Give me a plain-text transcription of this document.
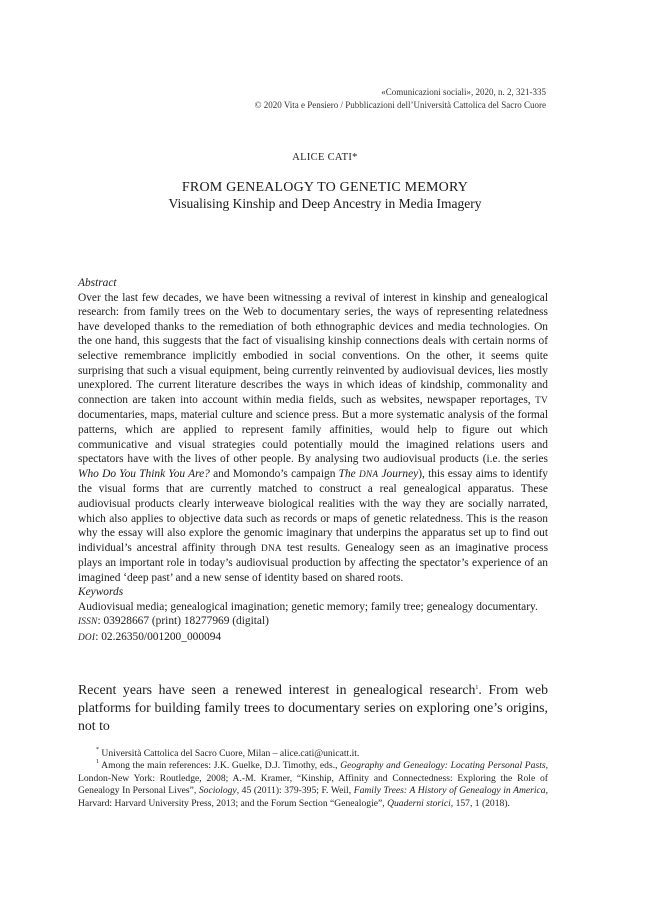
«Comunicazioni sociali», 2020, n. 2, 321-335
© 2020 Vita e Pensiero / Pubblicazioni dell’Università Cattolica del Sacro Cuore
ALICE CATI*
FROM GENEALOGY TO GENETIC MEMORY
Visualising Kinship and Deep Ancestry in Media Imagery
Abstract

Over the last few decades, we have been witnessing a revival of interest in kinship and genealogical research: from family trees on the Web to documentary series, the ways of representing relatedness have developed thanks to the remediation of both ethnographic devices and media technologies. On the one hand, this suggests that the fact of visualising kinship connections deals with certain norms of selective remembrance implicitly embodied in social conventions. On the other, it seems quite surprising that such a visual equipment, being currently reinvented by audiovisual devices, lies mostly unexplored. The current literature describes the ways in which ideas of kindship, commonality and connection are taken into account within media fields, such as websites, newspaper reportages, TV documentaries, maps, material culture and science press. But a more systematic analysis of the formal patterns, which are applied to represent family affinities, would help to figure out which communicative and visual strategies could potentially mould the imagined relations users and spectators have with the lives of other people. By analysing two audiovisual products (i.e. the series Who Do You Think You Are? and Momondo’s campaign The DNA Journey), this essay aims to identify the visual forms that are currently matched to construct a real genealogical apparatus. These audiovisual products clearly interweave biological realities with the way they are socially narrated, which also applies to objective data such as records or maps of genetic relatedness. This is the reason why the essay will also explore the genomic imaginary that underpins the apparatus set up to find out individual’s ancestral affinity through DNA test results. Genealogy seen as an imaginative process plays an important role in today’s audiovisual production by affecting the spectator’s experience of an imagined ‘deep past’ and a new sense of identity based on shared roots.

Keywords

Audiovisual media; genealogical imagination; genetic memory; family tree; genealogy documentary.

ISSN: 03928667 (print) 18277969 (digital)
DOI: 02.26350/001200_000094

Recent years have seen a renewed interest in genealogical research$^1$. From web platforms for building family trees to documentary series on exploring one’s origins, not to

* Università Cattolica del Sacro Cuore, Milan – alice.cati@unicatt.it.

$^1$ Among the main references: J.K. Guelke, D.J. Timothy, eds., Geography and Genealogy: Locating Personal Pasts, London-New York: Routledge, 2008; A.-M. Kramer, “Kinship, Affinity and Connectedness: Exploring the Role of Genealogy In Personal Lives”, Sociology, 45 (2011): 379-395; F. Weil, Family Trees: A History of Genealogy in America, Harvard: Harvard University Press, 2013; and the Forum Section “Genealogie”, Quaderni storici, 157, 1 (2018).
